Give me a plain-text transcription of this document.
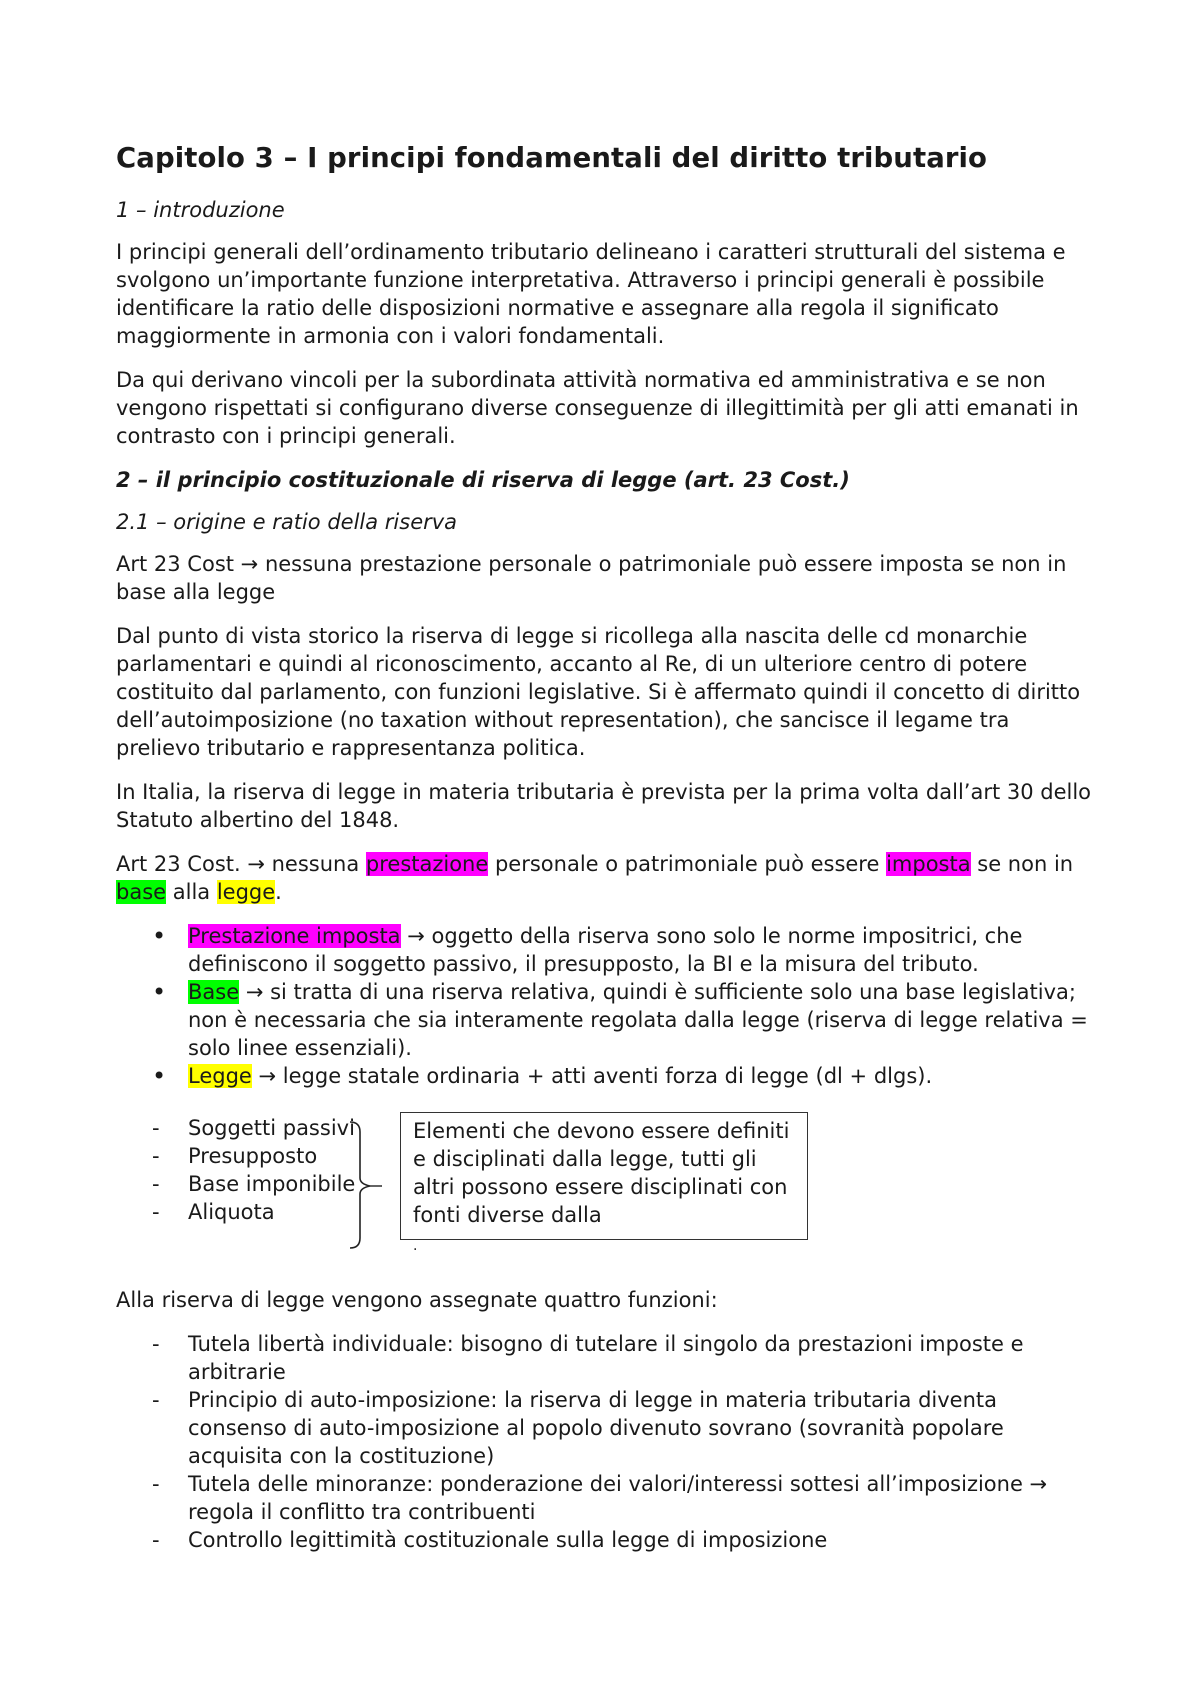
Capitolo 3 – I principi fondamentali del diritto tributario
1 – introduzione

I principi generali dell’ordinamento tributario delineano i caratteri strutturali del sistema e svolgono un’importante funzione interpretativa. Attraverso i principi generali è possibile identificare la ratio delle disposizioni normative e assegnare alla regola il significato maggiormente in armonia con i valori fondamentali.

Da qui derivano vincoli per la subordinata attività normativa ed amministrativa e se non vengono rispettati si configurano diverse conseguenze di illegittimità per gli atti emanati in contrasto con i principi generali.

2 – il principio costituzionale di riserva di legge (art. 23 Cost.)
2.1 – origine e ratio della riserva

Art 23 Cost → nessuna prestazione personale o patrimoniale può essere imposta se non in base alla legge

Dal punto di vista storico la riserva di legge si ricollega alla nascita delle cd monarchie parlamentari e quindi al riconoscimento, accanto al Re, di un ulteriore centro di potere costituito dal parlamento, con funzioni legislative. Si è affermato quindi il concetto di diritto dell’autoimposizione (no taxation without representation), che sancisce il legame tra prelievo tributario e rappresentanza politica.

In Italia, la riserva di legge in materia tributaria è prevista per la prima volta dall’art 30 dello Statuto albertino del 1848.

Art 23 Cost. → nessuna prestazione personale o patrimoniale può essere imposta se non in base alla legge.

• Prestazione imposta → oggetto della riserva sono solo le norme impositrici, che definiscono il soggetto passivo, il presupposto, la BI e la misura del tributo.
• Base → si tratta di una riserva relativa, quindi è sufficiente solo una base legislativa; non è necessaria che sia interamente regolata dalla legge (riserva di legge relativa = solo linee essenziali).
• Legge → legge statale ordinaria + atti aventi forza di legge (dl + dlgs).
- Soggetti passivi
- Presupposto
- Base imponibile
- Aliquota
Elementi che devono essere definiti e disciplinati dalla legge, tutti gli altri possono essere disciplinati con fonti diverse dalla
.

Alla riserva di legge vengono assegnate quattro funzioni:

- Tutela libertà individuale: bisogno di tutelare il singolo da prestazioni imposte e arbitrarie
- Principio di auto-imposizione: la riserva di legge in materia tributaria diventa consenso di auto-imposizione al popolo divenuto sovrano (sovranità popolare acquisita con la costituzione)
- Tutela delle minoranze: ponderazione dei valori/interessi sottesi all’imposizione → regola il conflitto tra contribuenti
- Controllo legittimità costituzionale sulla legge di imposizione
